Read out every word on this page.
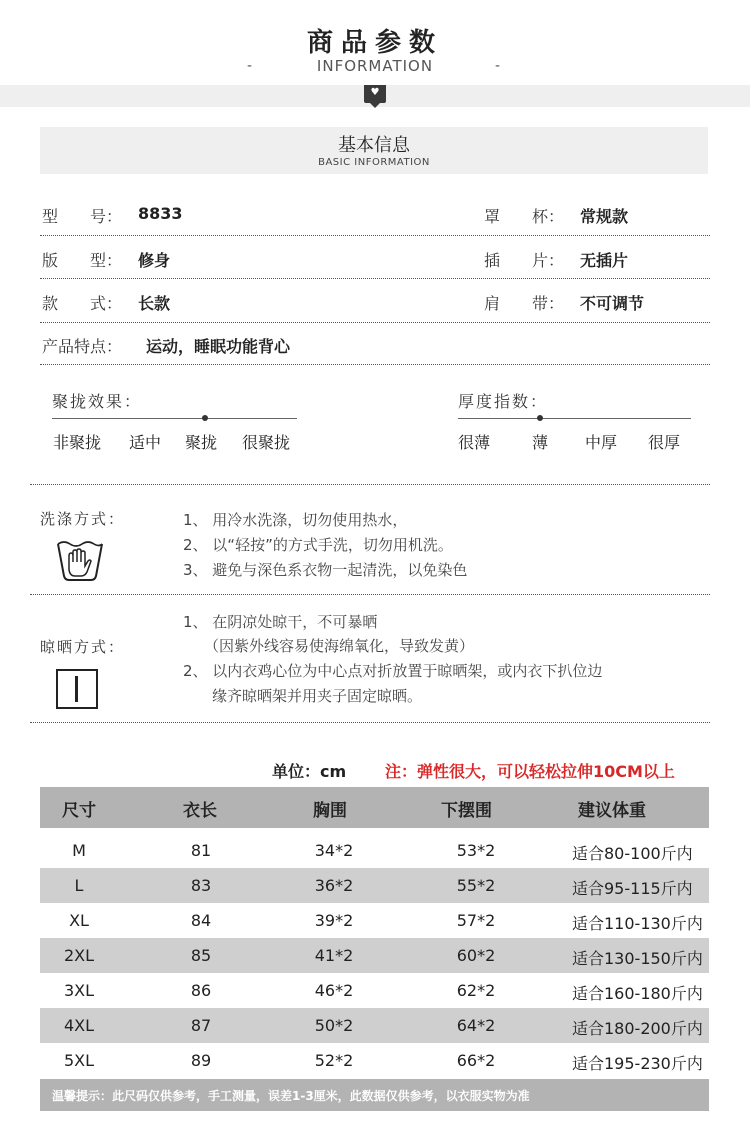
商品参数
-	INFORMATION	-
♥
基本信息
BASIC INFORMATION
型　　号： 8833	罩　　杯： 常规款
版　　型： 修身	插　　片： 无插片
款　　式： 长款	肩　　带： 不可调节
产品特点： 运动，睡眠功能背心
聚拢效果：
非聚拢 适中 聚拢 很聚拢
厚度指数：
很薄	薄 中厚 很厚
洗涤方式：	1、 用冷水洗涤，切勿使用热水，
2、 以“轻按”的方式手洗，切勿用机洗。
3、 避免与深色系衣物一起清洗，以免染色
晾晒方式：
1、 在阴凉处晾干，不可暴晒
（因紫外线容易使海绵氧化，导致发黄）
2、 以内衣鸡心位为中心点对折放置于晾晒架，或内衣下扒位边
缘齐晾晒架并用夹子固定晾晒。
单位：cm 注：弹性很大，可以轻松拉伸10CM以上
尺寸	衣长	胸围	下摆围	建议体重
M	81	34*2	53*2	适合80-100斤内
L	83	36*2	55*2	适合95-115斤内
XL	84	39*2	57*2	适合110-130斤内
2XL	85	41*2	60*2	适合130-150斤内
3XL	86	46*2	62*2	适合160-180斤内
4XL	87	50*2	64*2	适合180-200斤内
5XL	89	52*2	66*2	适合195-230斤内
温馨提示：此尺码仅供参考，手工测量，误差1-3厘米，此数据仅供参考，以衣服实物为准
